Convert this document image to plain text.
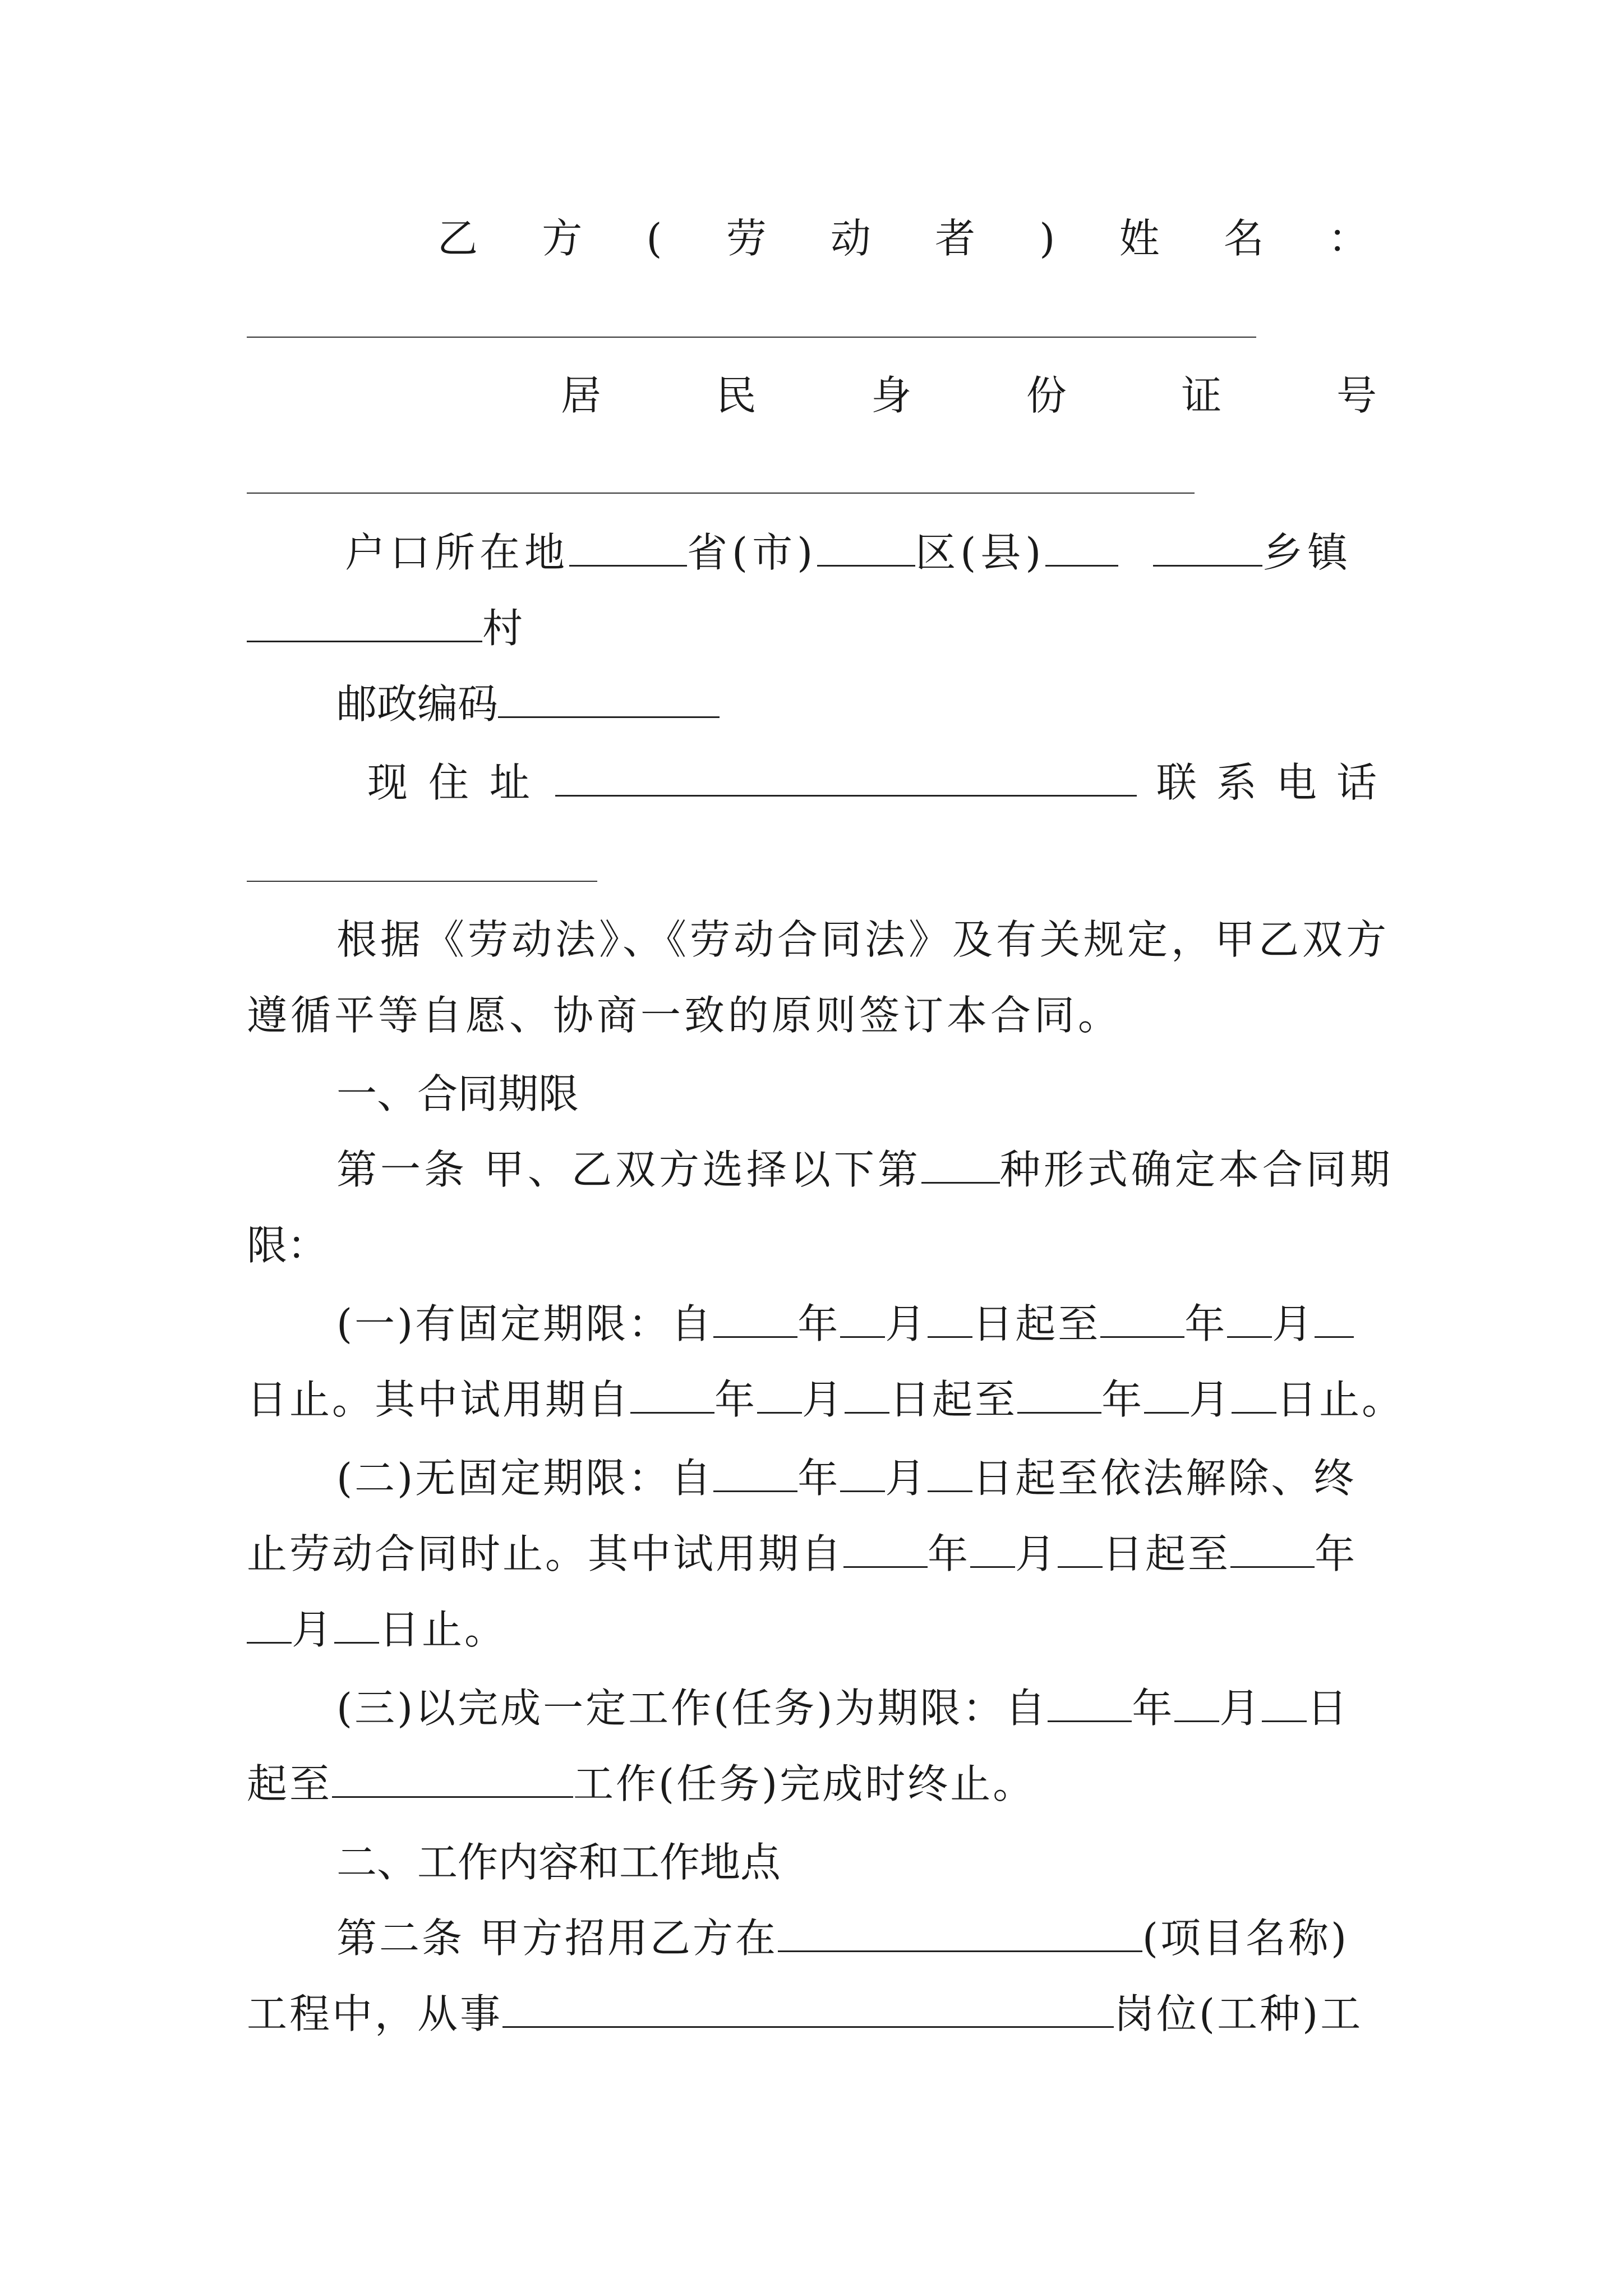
乙 方 ( 劳 动 者 ) 姓 名 ：
居	民	身	份	证	号
户口所在地	省(市) 区(县)	乡镇
村
邮政编码
现 住 址	联 系 电 话
根据《劳动法》、《劳动合同法》及有关规定，甲乙双方
遵循平等自愿、协商一致的原则签订本合同。
一、合同期限
第一条 甲、乙双方选择以下第 种形式确定本合同期
限：
(一)有固定期限：自 年 月 日起至 年 月
日止。其中试用期自 年 月 日起至 年 月 日止。
(二)无固定期限：自 年 月 日起至依法解除、终
止劳动合同时止。其中试用期自 年 月 日起至 年
月 日止。
(三)以完成一定工作(任务)为期限：自 年 月 日
起至	工作(任务)完成时终止。
二、工作内容和工作地点
第二条 甲方招用乙方在	(项目名称)
工程中，从事	岗位(工种)工
